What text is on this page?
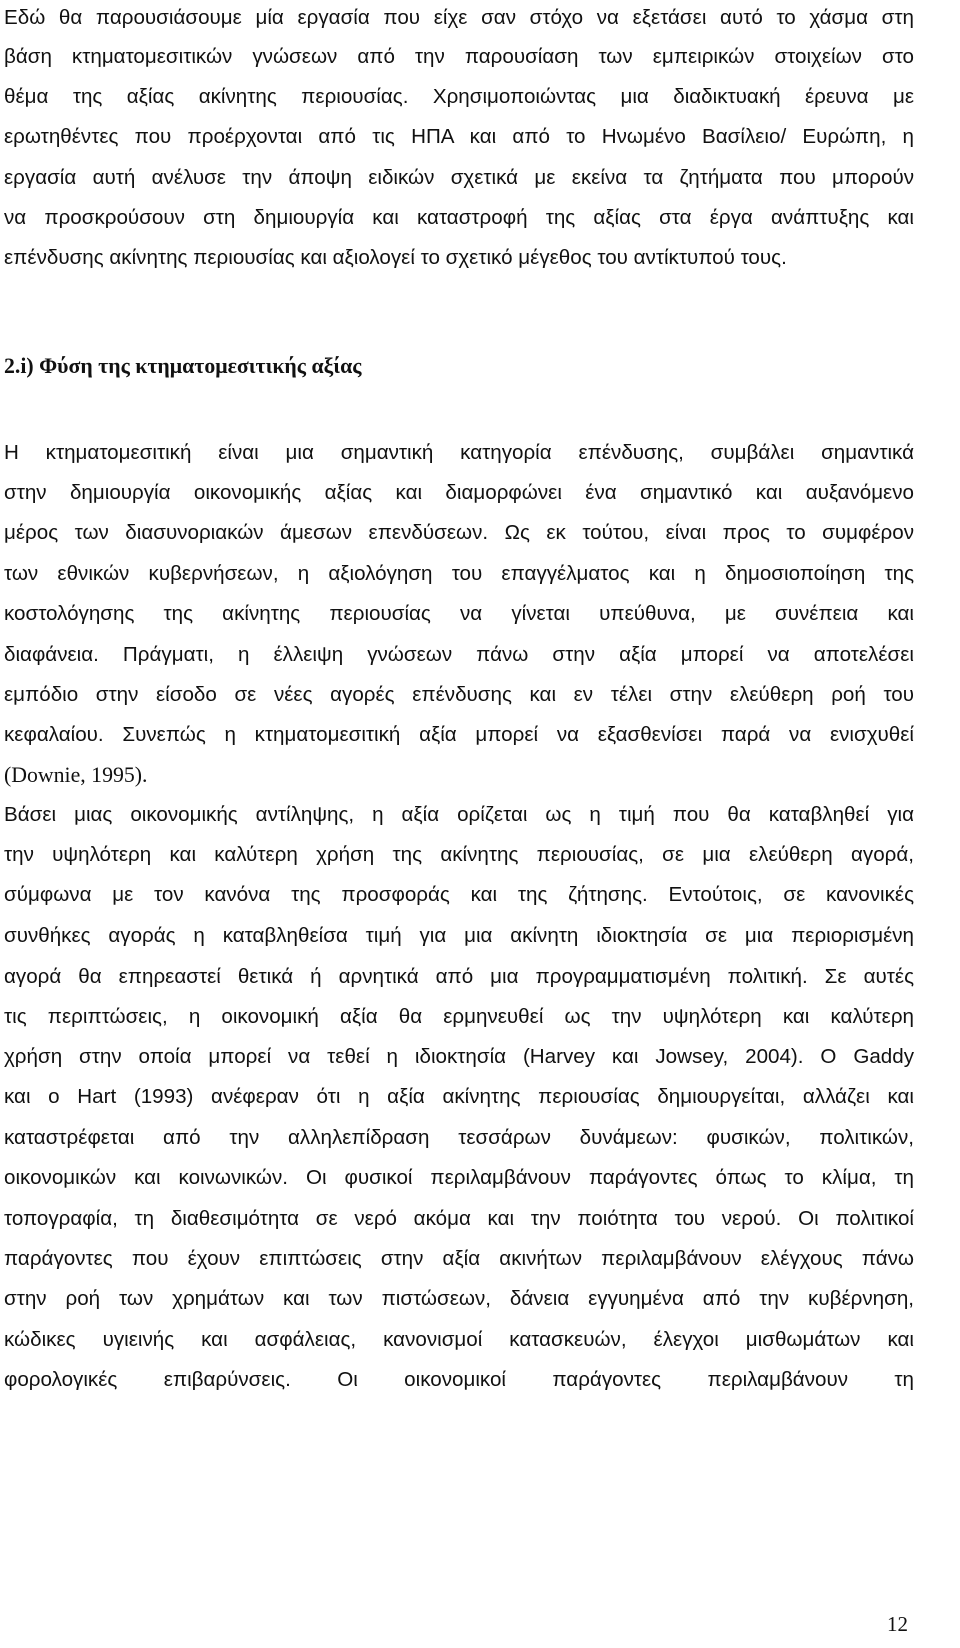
Εδώ θα παρουσιάσουμε μία εργασία που είχε σαν στόχο να εξετάσει αυτό το χάσμα στη
βάση κτηματομεσιτικών γνώσεων από την παρουσίαση των εμπειρικών στοιχείων στο
θέμα της αξίας ακίνητης περιουσίας. Χρησιμοποιώντας μια διαδικτυακή έρευνα με
ερωτηθέντες που προέρχονται από τις ΗΠΑ και από το Ηνωμένο Βασίλειο/ Ευρώπη, η
εργασία αυτή ανέλυσε την άποψη ειδικών σχετικά με εκείνα τα ζητήματα που μπορούν
να προσκρούσουν στη δημιουργία και καταστροφή της αξίας στα έργα ανάπτυξης και
επένδυσης ακίνητης περιουσίας και αξιολογεί το σχετικό μέγεθος του αντίκτυπού τους.
2.i) Φύση της κτηματομεσιτικής αξίας
Η κτηματομεσιτική είναι μια σημαντική κατηγορία επένδυσης, συμβάλει σημαντικά
στην δημιουργία οικονομικής αξίας και διαμορφώνει ένα σημαντικό και αυξανόμενο
μέρος των διασυνοριακών άμεσων επενδύσεων. Ως εκ τούτου, είναι προς το συμφέρον
των εθνικών κυβερνήσεων, η αξιολόγηση του επαγγέλματος και η δημοσιοποίηση της
κοστολόγησης της ακίνητης περιουσίας να γίνεται υπεύθυνα, με συνέπεια και
διαφάνεια. Πράγματι, η έλλειψη γνώσεων πάνω στην αξία μπορεί να αποτελέσει
εμπόδιο στην είσοδο σε νέες αγορές επένδυσης και εν τέλει στην ελεύθερη ροή του
κεφαλαίου. Συνεπώς η κτηματομεσιτική αξία μπορεί να εξασθενίσει παρά να ενισχυθεί
(Downie, 1995).
Βάσει μιας οικονομικής αντίληψης, η αξία ορίζεται ως η τιμή που θα καταβληθεί για
την υψηλότερη και καλύτερη χρήση της ακίνητης περιουσίας, σε μια ελεύθερη αγορά,
σύμφωνα με τον κανόνα της προσφοράς και της ζήτησης. Εντούτοις, σε κανονικές
συνθήκες αγοράς η καταβληθείσα τιμή για μια ακίνητη ιδιοκτησία σε μια περιορισμένη
αγορά θα επηρεαστεί θετικά ή αρνητικά από μια προγραμματισμένη πολιτική. Σε αυτές
τις περιπτώσεις, η οικονομική αξία θα ερμηνευθεί ως την υψηλότερη και καλύτερη
χρήση στην οποία μπορεί να τεθεί η ιδιοκτησία (Harvey και Jowsey, 2004). Ο Gaddy
και ο Hart (1993) ανέφεραν ότι η αξία ακίνητης περιουσίας δημιουργείται, αλλάζει και
καταστρέφεται από την αλληλεπίδραση τεσσάρων δυνάμεων: φυσικών, πολιτικών,
οικονομικών και κοινωνικών. Οι φυσικοί περιλαμβάνουν παράγοντες όπως το κλίμα, τη
τοπογραφία, τη διαθεσιμότητα σε νερό ακόμα και την ποιότητα του νερού. Οι πολιτικοί
παράγοντες που έχουν επιπτώσεις στην αξία ακινήτων περιλαμβάνουν ελέγχους πάνω
στην ροή των χρημάτων και των πιστώσεων, δάνεια εγγυημένα από την κυβέρνηση,
κώδικες υγιεινής και ασφάλειας, κανονισμοί κατασκευών, έλεγχοι μισθωμάτων και
φορολογικές επιβαρύνσεις. Οι οικονομικοί παράγοντες περιλαμβάνουν τη
12
